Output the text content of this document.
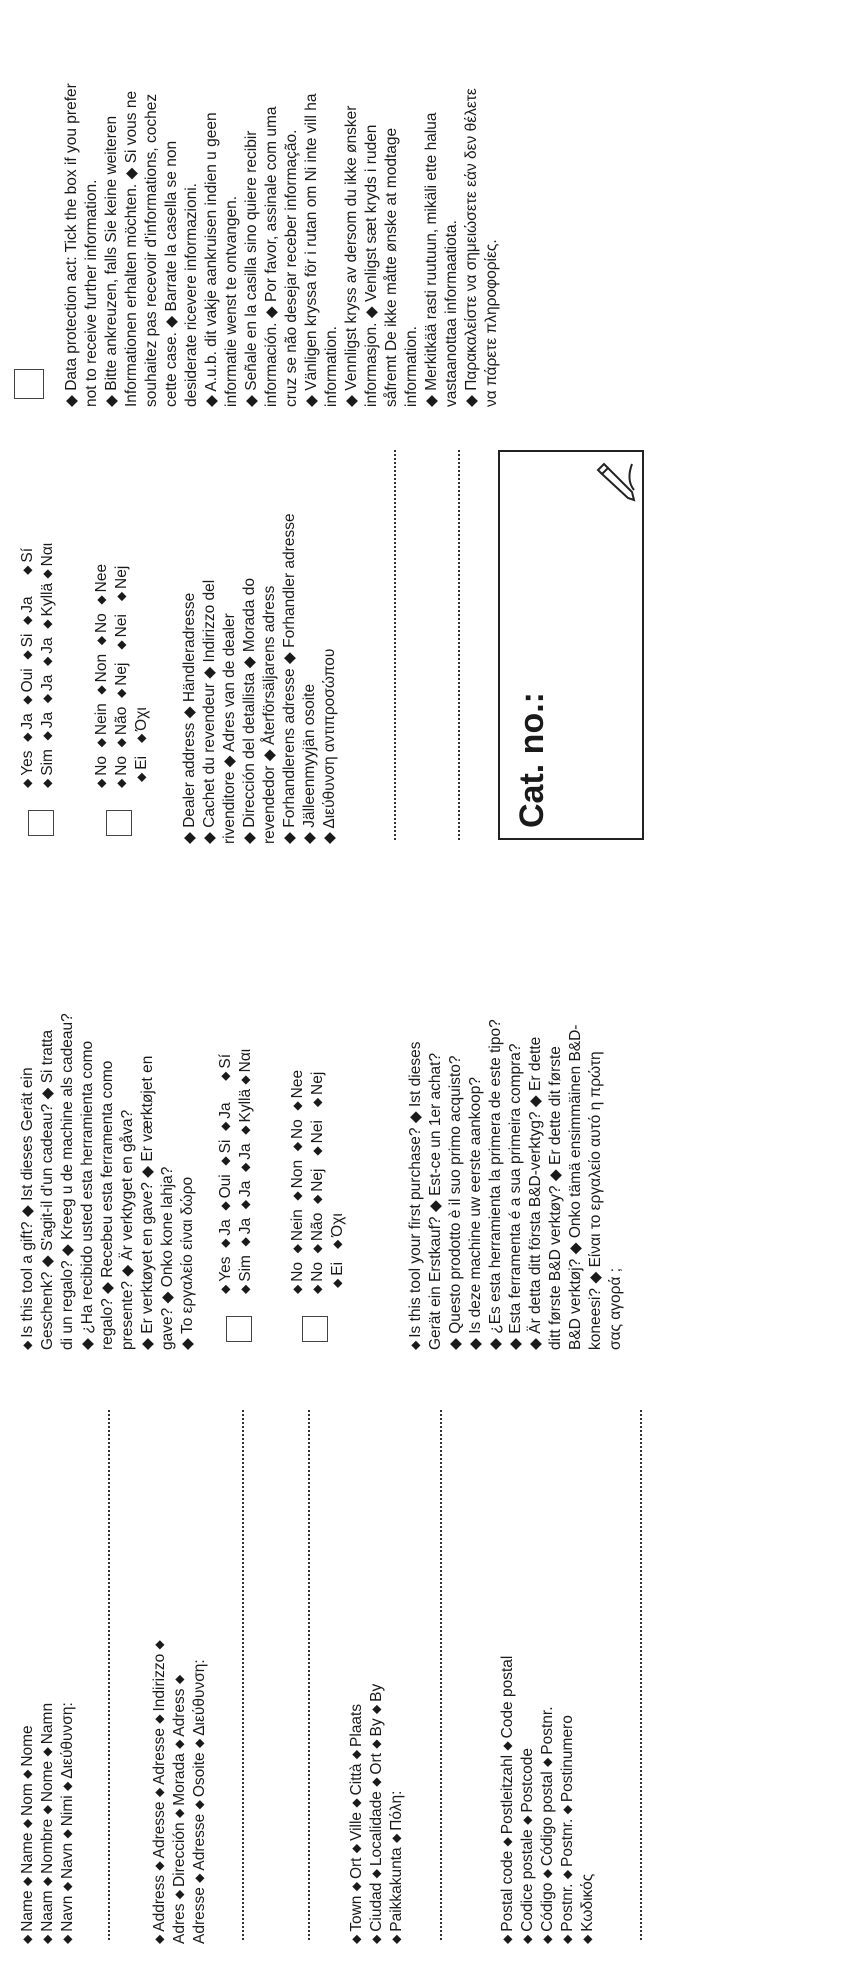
◆Name ◆Name ◆Nom ◆Nome
◆Naam ◆Nombre ◆Nome ◆Namn
◆Navn ◆Navn ◆Nimi ◆Διεύθυνση:
◆Address ◆Adresse ◆Adresse ◆Indirizzo ◆
Adres ◆Dirección ◆Morada ◆Adress ◆
Adresse ◆Adresse ◆Osoite ◆Διεύθυνση:
◆Town ◆Ort ◆Ville ◆Città ◆Plaats
◆Ciudad ◆Localidade ◆Ort ◆By ◆By
◆Paikkakunta ◆Πόλη:
◆Postal code ◆Postleitzahl ◆Code postal
◆Codice postale ◆Postcode
◆Código ◆Código postal ◆Postnr.
◆Postnr. ◆Postnr. ◆Postinumero
◆Κωδικός
◆Is this tool a gift? ◆ Ist dieses Gerät ein Geschenk? ◆ S'agit-il d'un cadeau? ◆ Si tratta di un regalo? ◆ Kreeg u de machine als cadeau? ◆ ¿Ha recibido usted esta herramienta como regalo? ◆ Recebeu esta ferramenta como presente? ◆ Är verktyget en gåva? ◆ Er verktøyet en gave? ◆ Er værktøjet en gave? ◆ Onko kone lahja? ◆ Το εργαλείο είναι δώρο ◆Yes  ◆Ja  ◆Oui  ◆Si  ◆Ja     ◆Sí
◆Sim  ◆Ja  ◆Ja  ◆Ja  ◆Kyllä ◆Ναι
◆No  ◆Nein  ◆Non  ◆No  ◆Nee
◆No  ◆Não  ◆Nej   ◆Nei   ◆Nej
◆Ei   ◆Όχι
◆Is this tool your first purchase? ◆ Ist dieses Gerät ein Erstkauf? ◆ Est-ce un 1er achat? ◆ Questo prodotto è il suo primo acquisto? ◆ Is deze machine uw eerste aankoop? ◆ ¿Es esta herramienta la primera de este tipo? ◆ Esta ferramenta é a sua primeira compra? ◆ Är detta ditt första B&D-verktyg? ◆ Er dette ditt første B&D verktøy? ◆ Er dette dit første B&D verktøj? ◆ Onko tämä ensimmäinen B&D- koneesi? ◆ Είναι το εργαλείο αυτό η πρώτη σας αγορά ;
◆Yes  ◆Ja  ◆Oui  ◆Si  ◆Ja     ◆Sí
◆Sim  ◆Ja  ◆Ja  ◆Ja  ◆Kyllä ◆Ναι
◆No  ◆Nein  ◆Non  ◆No  ◆Nee
◆No  ◆Não  ◆Nej   ◆Nei   ◆Nej
◆Ei   ◆Όχι ◆ Dealer address ◆ Händleradresse ◆ Cachet du revendeur ◆ Indirizzo del rivenditore ◆ Adres van de dealer ◆ Dirección del detallista ◆ Morada do revendedor ◆ Återförsäljarens adress ◆ Forhandlerens adresse ◆ Forhandler adresse ◆ Jälleenmyyjän osoite ◆ Διεύθυνση αντιπροσώπου	Cat. no.:
◆ Data protection act: Tick the box if you prefer not to receive further information. ◆ Bitte ankreuzen, falls Sie keine weiteren Informationen erhalten möchten. ◆ Si vous ne souhaitez pas recevoir d'informations, cochez cette case. ◆ Barrate la casella se non desiderate ricevere informazioni. ◆ A.u.b. dit vakje aankruisen indien u geen informatie wenst te ontvangen. ◆ Señale en la casilla sino quiere recibir información. ◆ Por favor, assinale com uma cruz se não desejar receber informação. ◆ Vänligen kryssa för i rutan om Ni inte vill ha information. ◆ Vennligst kryss av dersom du ikke ønsker informasjon. ◆ Venligst sæt kryds i ruden såfremt De ikke måtte ønske at modtage information. ◆ Merkitkää rasti ruutuun, mikäli ette halua vastaanottaa informaatiota. ◆ Παρακαλείστε να σημειώσετε εάν δεν θέλετε να πάρετε πληροφορίες.
